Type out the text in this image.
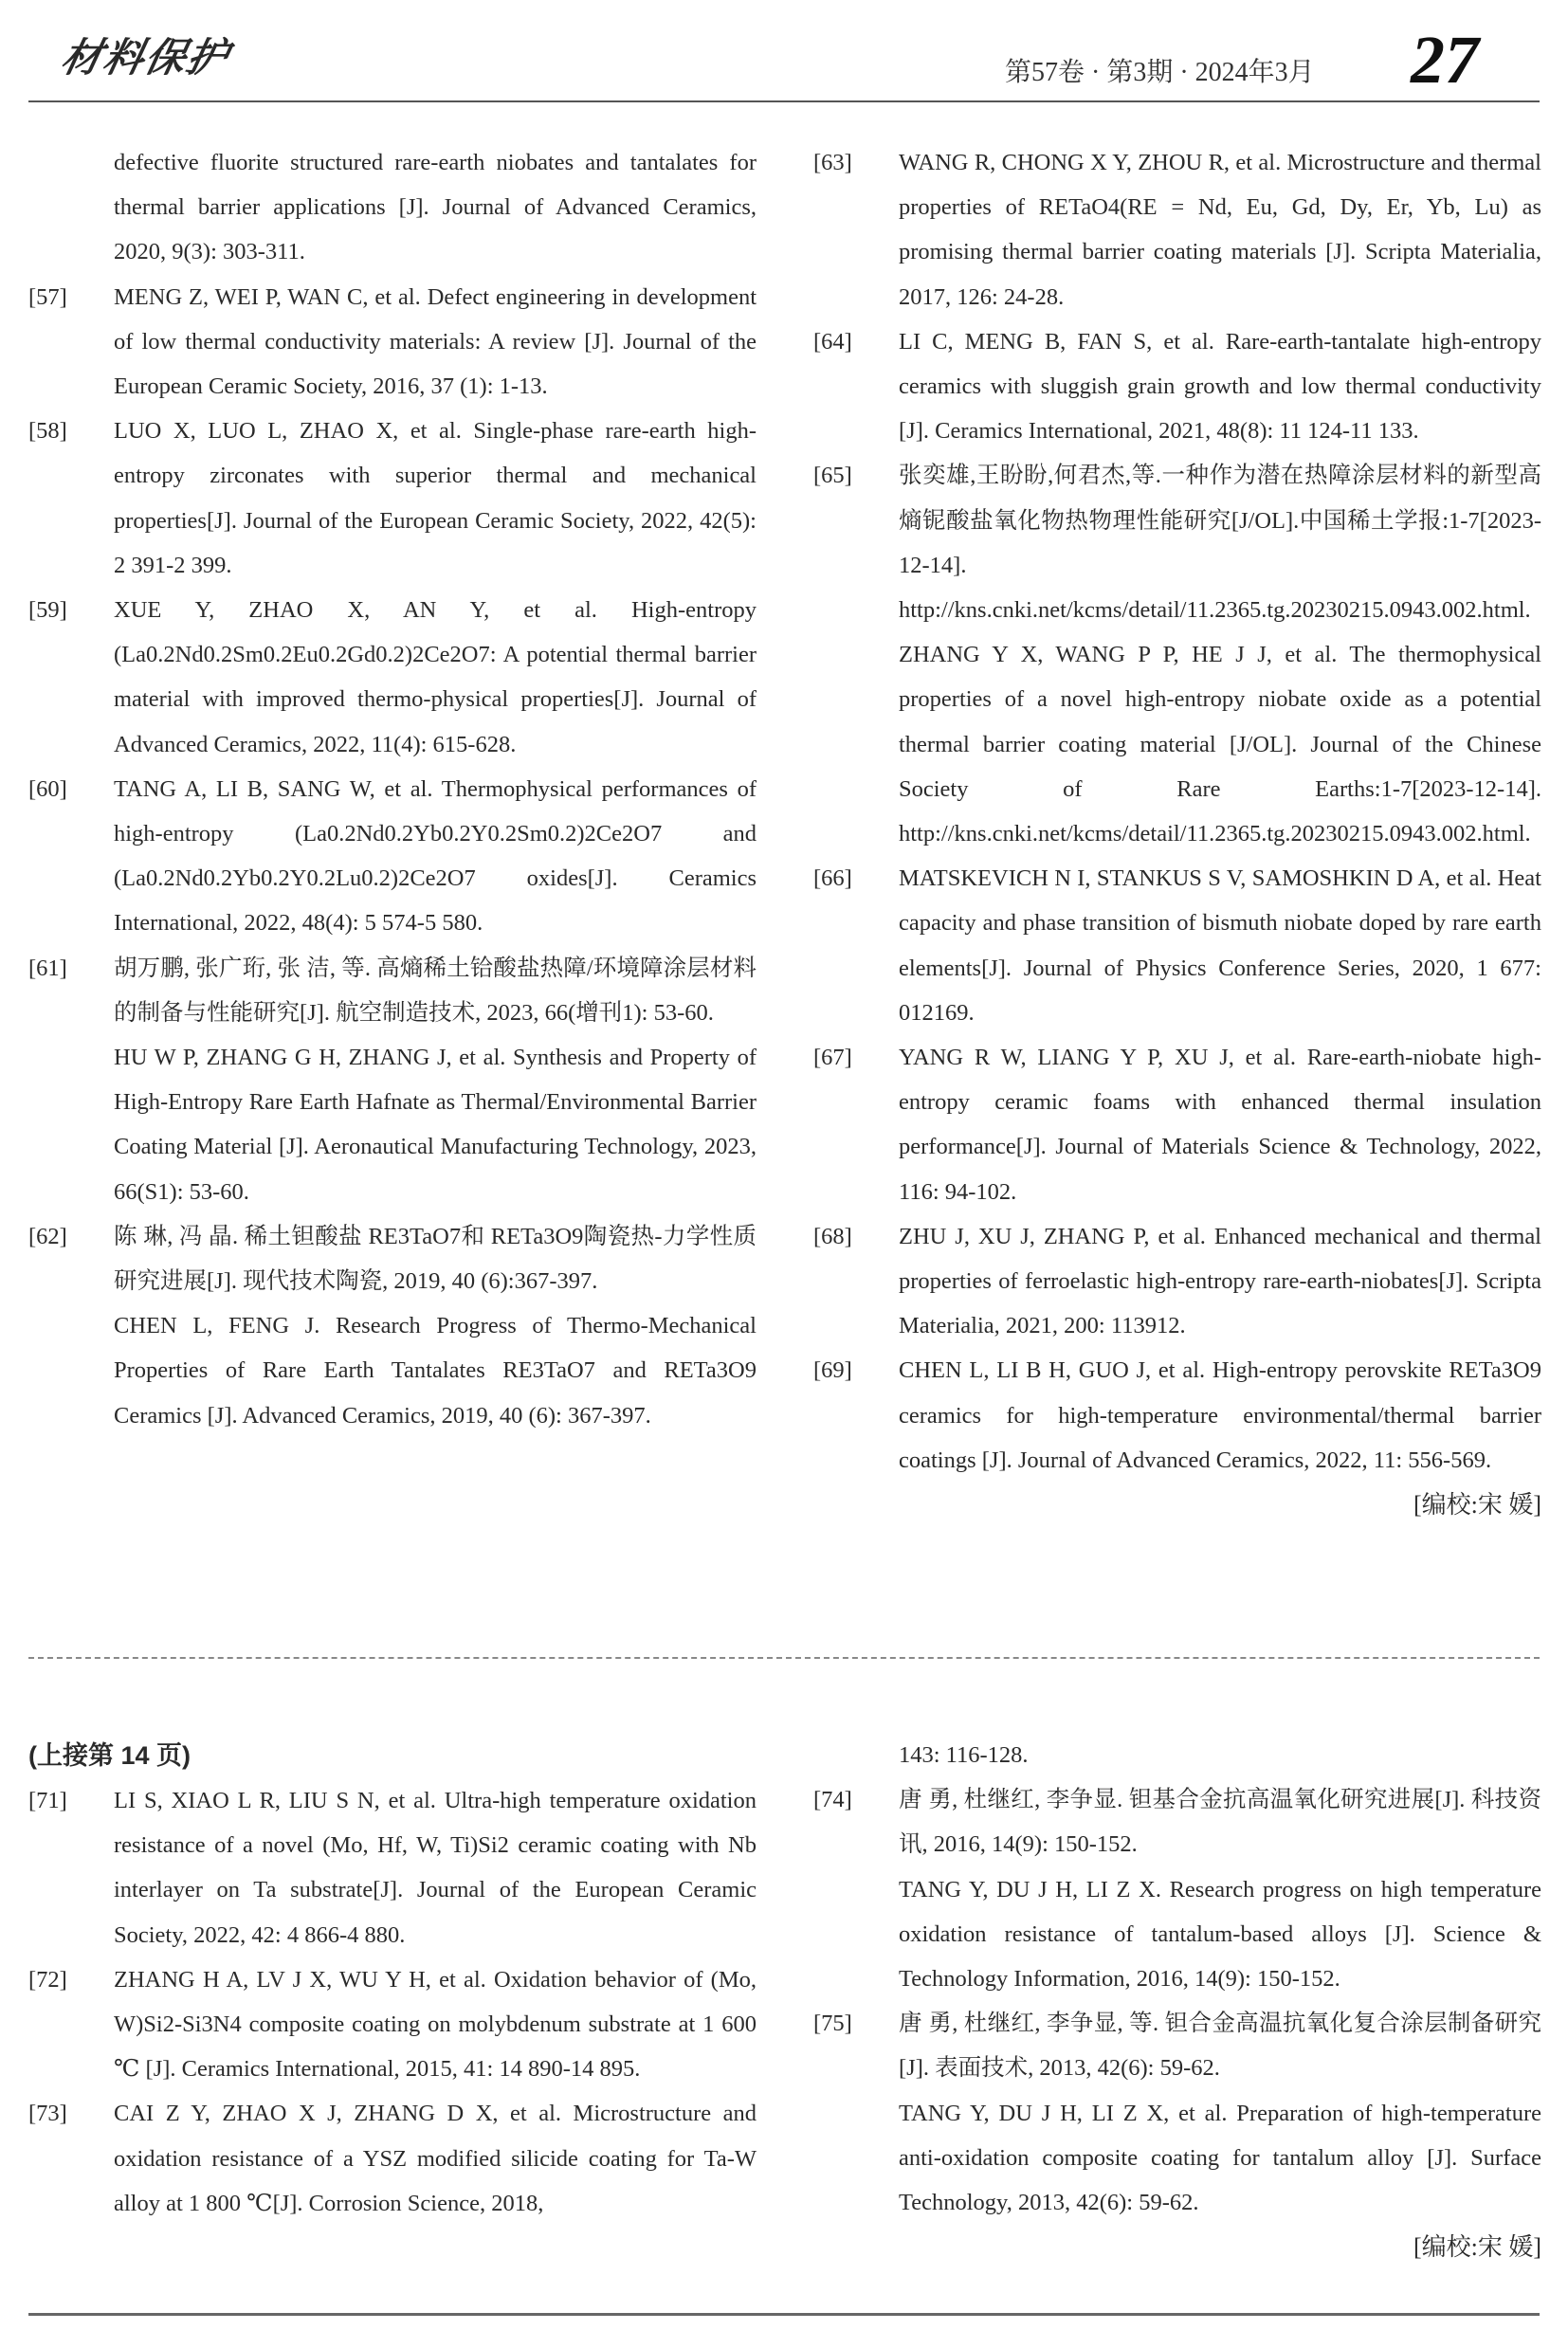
材料保护	第57卷 · 第3期 · 2024年3月 27
defective fluorite structured rare-earth niobates and tantalates for thermal barrier applications [J]. Journal of Advanced Ceramics, 2020, 9(3): 303-311.
[57]	MENG Z, WEI P, WAN C, et al. Defect engineering in development of low thermal conductivity materials: A review [J]. Journal of the European Ceramic Society, 2016, 37 (1): 1-13.
[58]	LUO X, LUO L, ZHAO X, et al. Single-phase rare-earth high-entropy zirconates with superior thermal and mechanical properties[J]. Journal of the European Ceramic Society, 2022, 42(5): 2 391-2 399.
[59]	XUE Y, ZHAO X, AN Y, et al. High-entropy (La0.2Nd0.2Sm0.2Eu0.2Gd0.2)2Ce2O7: A potential thermal barrier material with improved thermo-physical properties[J]. Journal of Advanced Ceramics, 2022, 11(4): 615-628.
[60]	TANG A, LI B, SANG W, et al. Thermophysical performances of high-entropy (La0.2Nd0.2Yb0.2Y0.2Sm0.2)2Ce2O7 and (La0.2Nd0.2Yb0.2Y0.2Lu0.2)2Ce2O7 oxides[J]. Ceramics International, 2022, 48(4): 5 574-5 580.
[61]	胡万鹏, 张广珩, 张 洁, 等. 高熵稀土铪酸盐热障/环境障涂层材料的制备与性能研究[J]. 航空制造技术, 2023, 66(增刊1): 53-60.
HU W P, ZHANG G H, ZHANG J, et al. Synthesis and Property of High-Entropy Rare Earth Hafnate as Thermal/Environmental Barrier Coating Material [J]. Aeronautical Manufacturing Technology, 2023, 66(S1): 53-60.
[62]	陈 琳, 冯 晶. 稀土钽酸盐 RE3TaO7和 RETa3O9陶瓷热-力学性质研究进展[J]. 现代技术陶瓷, 2019, 40 (6):367-397.
CHEN L, FENG J. Research Progress of Thermo-Mechanical Properties of Rare Earth Tantalates RE3TaO7 and RETa3O9 Ceramics [J]. Advanced Ceramics, 2019, 40 (6): 367-397.
[63]	WANG R, CHONG X Y, ZHOU R, et al. Microstructure and thermal properties of RETaO4(RE = Nd, Eu, Gd, Dy, Er, Yb, Lu) as promising thermal barrier coating materials [J]. Scripta Materialia, 2017, 126: 24-28.
[64]	LI C, MENG B, FAN S, et al. Rare-earth-tantalate high-entropy ceramics with sluggish grain growth and low thermal conductivity [J]. Ceramics International, 2021, 48(8): 11 124-11 133.
[65]	张奕雄,王盼盼,何君杰,等.一种作为潜在热障涂层材料的新型高熵铌酸盐氧化物热物理性能研究[J/OL].中国稀土学报:1-7[2023-12-14]. http://kns.cnki.net/kcms/detail/11.2365.tg.20230215.0943.002.html.
ZHANG Y X, WANG P P, HE J J, et al. The thermophysical properties of a novel high-entropy niobate oxide as a potential thermal barrier coating material [J/OL]. Journal of the Chinese Society of Rare Earths:1-7[2023-12-14]. http://kns.cnki.net/kcms/detail/11.2365.tg.20230215.0943.002.html.
[66]	MATSKEVICH N I, STANKUS S V, SAMOSHKIN D A, et al. Heat capacity and phase transition of bismuth niobate doped by rare earth elements[J]. Journal of Physics Conference Series, 2020, 1 677: 012169.
[67]	YANG R W, LIANG Y P, XU J, et al. Rare-earth-niobate high-entropy ceramic foams with enhanced thermal insulation performance[J]. Journal of Materials Science & Technology, 2022, 116: 94-102.
[68]	ZHU J, XU J, ZHANG P, et al. Enhanced mechanical and thermal properties of ferroelastic high-entropy rare-earth-niobates[J]. Scripta Materialia, 2021, 200: 113912.
[69]	CHEN L, LI B H, GUO J, et al. High-entropy perovskite RETa3O9 ceramics for high-temperature environmental/thermal barrier coatings [J]. Journal of Advanced Ceramics, 2022, 11: 556-569.
[编校:宋 媛]
(上接第 14 页)
[71]	LI S, XIAO L R, LIU S N, et al. Ultra-high temperature oxidation resistance of a novel (Mo, Hf, W, Ti)Si2 ceramic coating with Nb interlayer on Ta substrate[J]. Journal of the European Ceramic Society, 2022, 42: 4 866-4 880.
[72]	ZHANG H A, LV J X, WU Y H, et al. Oxidation behavior of (Mo, W)Si2-Si3N4 composite coating on molybdenum substrate at 1 600 ℃ [J]. Ceramics International, 2015, 41: 14 890-14 895.
[73]	CAI Z Y, ZHAO X J, ZHANG D X, et al. Microstructure and oxidation resistance of a YSZ modified silicide coating for Ta-W alloy at 1 800 ℃[J]. Corrosion Science, 2018,
143: 116-128.
[74]	唐 勇, 杜继红, 李争显. 钽基合金抗高温氧化研究进展[J]. 科技资讯, 2016, 14(9): 150-152.
TANG Y, DU J H, LI Z X. Research progress on high temperature oxidation resistance of tantalum-based alloys [J]. Science & Technology Information, 2016, 14(9): 150-152.
[75]	唐 勇, 杜继红, 李争显, 等. 钽合金高温抗氧化复合涂层制备研究[J]. 表面技术, 2013, 42(6): 59-62.
TANG Y, DU J H, LI Z X, et al. Preparation of high-temperature anti-oxidation composite coating for tantalum alloy [J]. Surface Technology, 2013, 42(6): 59-62.
[编校:宋 媛]
